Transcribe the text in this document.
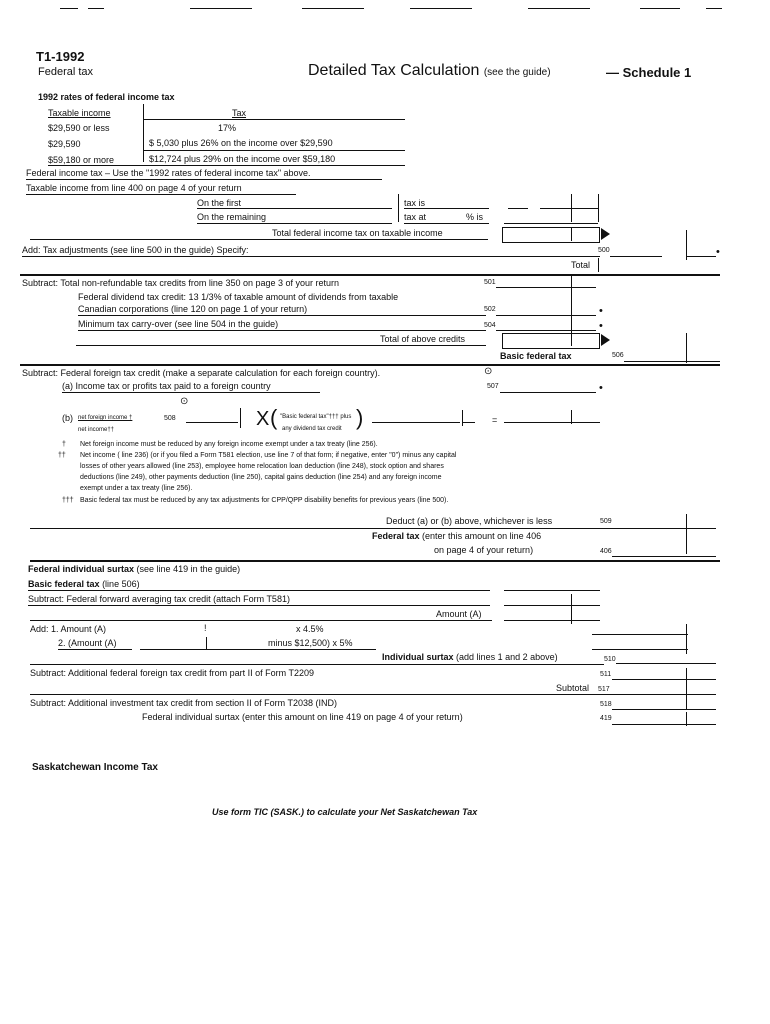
T1-1992
Federal tax	Detailed Tax Calculation (see the guide)	— Schedule 1
1992 rates of federal income tax
Taxable income	Tax
$29,590 or less	17%
$29,590	$ 5,030 plus 26% on the income over $29,590
$59,180 or more	$12,724 plus 29% on the income over $59,180
Federal income tax – Use the "1992 rates of federal income tax" above.
Taxable income from line 400 on page 4 of your return
On the first	tax is
On the remaining	tax at	% is
Total federal income tax on taxable income
Add: Tax adjustments (see line 500 in the guide) Specify:	500	•
Total
Subtract: Total non-refundable tax credits from line 350 on page 3 of your return	501
Federal dividend tax credit: 13 1/3% of taxable amount of dividends from taxable
Canadian corporations (line 120 on page 1 of your return)	502	•
Minimum tax carry-over (see line 504 in the guide)	504	•
Total of above credits
Basic federal tax	506
Subtract: Federal foreign tax credit (make a separate calculation for each foreign country).	⊙
(a) Income tax or profits tax paid to a foreign country	507	•
⊙
(b) net foreign income †
net income††
508	X ( "Basic federal tax"††† plus
any dividend tax credit )	=
† Net foreign income must be reduced by any foreign income exempt under a tax treaty (line 256).
†† Net income ( line 236) (or if you filed a Form T581 election, use line 7 of that form; if negative, enter "0") minus any capital
losses of other years allowed (line 253), employee home relocation loan deduction (line 248), stock option and shares
deductions (line 249), other payments deduction (line 250), capital gains deduction (line 254) and any foreign income
exempt under a tax treaty (line 256).
††† Basic federal tax must be reduced by any tax adjustments for CPP/QPP disability benefits for previous years (line 500).
Deduct (a) or (b) above, whichever is less	509
Federal tax (enter this amount on line 406
on page 4 of your return)	406
Federal individual surtax (see line 419 in the guide)
Basic federal tax (line 506)
Subtract: Federal forward averaging tax credit (attach Form T581)
Amount (A)
Add: 1. Amount (A)	!	x 4.5%
2. (Amount (A)	minus $12,500) x 5%
Individual surtax (add lines 1 and 2 above)	510
Subtract: Additional federal foreign tax credit from part II of Form T2209	511
Subtotal 517
Subtract: Additional investment tax credit from section II of Form T2038 (IND)	518
Federal individual surtax (enter this amount on line 419 on page 4 of your return)	419
Saskatchewan Income Tax
Use form TIC (SASK.) to calculate your Net Saskatchewan Tax
